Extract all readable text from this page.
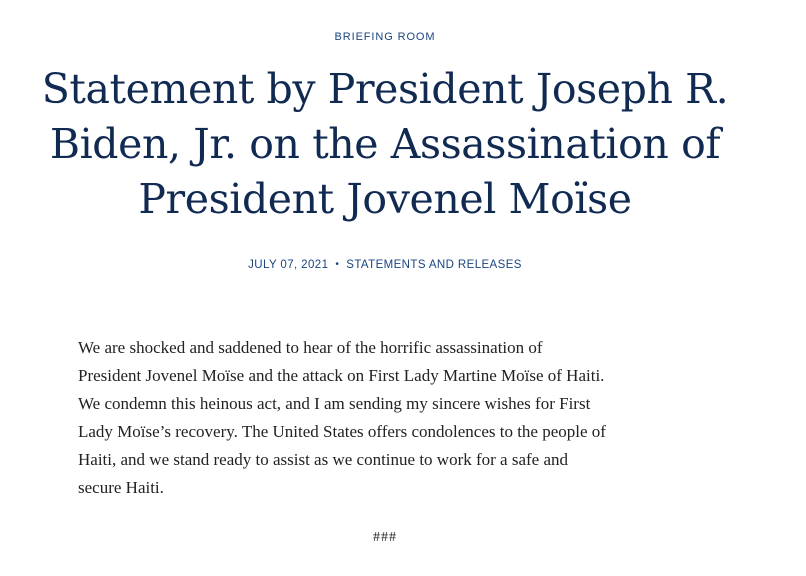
BRIEFING ROOM
Statement by President Joseph R.
Biden, Jr. on the Assassination of
President Jovenel Moïse
JULY 07, 2021 • STATEMENTS AND RELEASES
We are shocked and saddened to hear of the horrific assassination of
President Jovenel Moïse and the attack on First Lady Martine Moïse of Haiti.
We condemn this heinous act, and I am sending my sincere wishes for First
Lady Moïse’s recovery. The United States offers condolences to the people of
Haiti, and we stand ready to assist as we continue to work for a safe and
secure Haiti.
###
